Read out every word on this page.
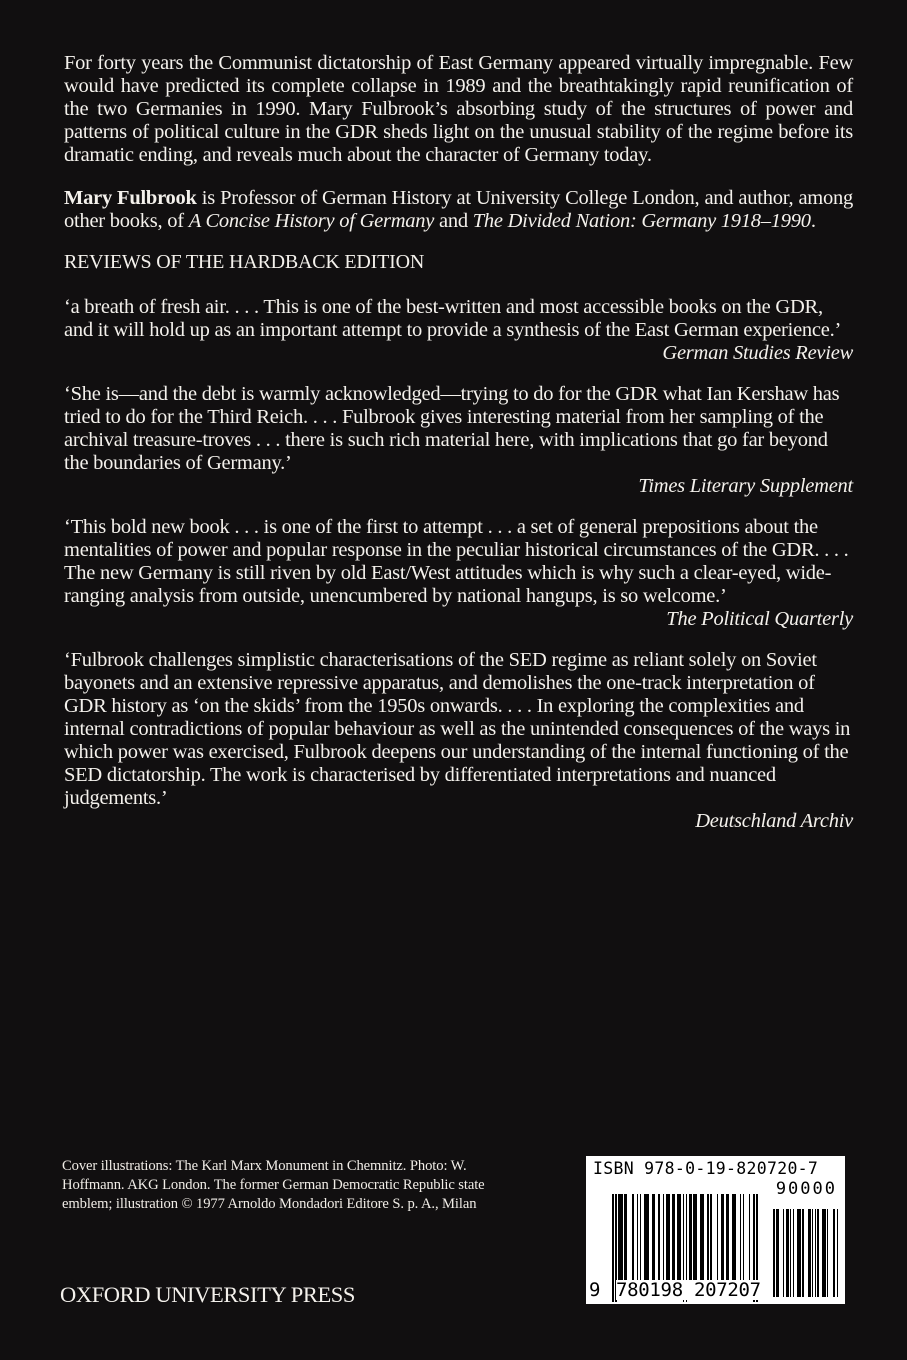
For forty years the Communist dictatorship of East Germany appeared virtually impregnable. Few would have predicted its complete collapse in 1989 and the breathtakingly rapid reunification of the two Germanies in 1990. Mary Fulbrook’s absorbing study of the structures of power and patterns of political culture in the GDR sheds light on the unusual stability of the regime before its dramatic ending, and reveals much about the character of Germany today.

Mary Fulbrook is Professor of German History at University College London, and author, among other books, of A Concise History of Germany and The Divided Nation: Germany 1918–1990.

REVIEWS OF THE HARDBACK EDITION
‘a breath of fresh air. . . . This is one of the best-written and most accessible books on the GDR, and it will hold up as an important attempt to provide a synthesis of the East German experience.’
German Studies Review
‘She is—and the debt is warmly acknowledged—trying to do for the GDR what Ian Kershaw has tried to do for the Third Reich. . . . Fulbrook gives interesting material from her sampling of the archival treasure-troves . . . there is such rich material here, with implications that go far beyond the boundaries of Germany.’
Times Literary Supplement
‘This bold new book . . . is one of the first to attempt . . . a set of general prepositions about the mentalities of power and popular response in the peculiar historical circumstances of the GDR. . . . The new Germany is still riven by old East/West attitudes which is why such a clear-eyed, wide-ranging analysis from outside, unencumbered by national hangups, is so welcome.’
The Political Quarterly
‘Fulbrook challenges simplistic characterisations of the SED regime as reliant solely on Soviet bayonets and an extensive repressive apparatus, and demolishes the one-track interpretation of GDR history as ‘on the skids’ from the 1950s onwards. . . . In exploring the complexities and internal contradictions of popular behaviour as well as the unintended consequences of the ways in which power was exercised, Fulbrook deepens our understanding of the internal functioning of the SED dictatorship. The work is characterised by differentiated interpretations and nuanced judgements.’
Deutschland Archiv
Cover illustrations: The Karl Marx Monument in Chemnitz. Photo: W. Hoffmann. AKG London. The former German Democratic Republic state emblem; illustration © 1977 Arnoldo Mondadori Editore S. p. A., Milan
OXFORD UNIVERSITY PRESS
ISBN 978-0-19-820720-7
90000
9 780198 207207
